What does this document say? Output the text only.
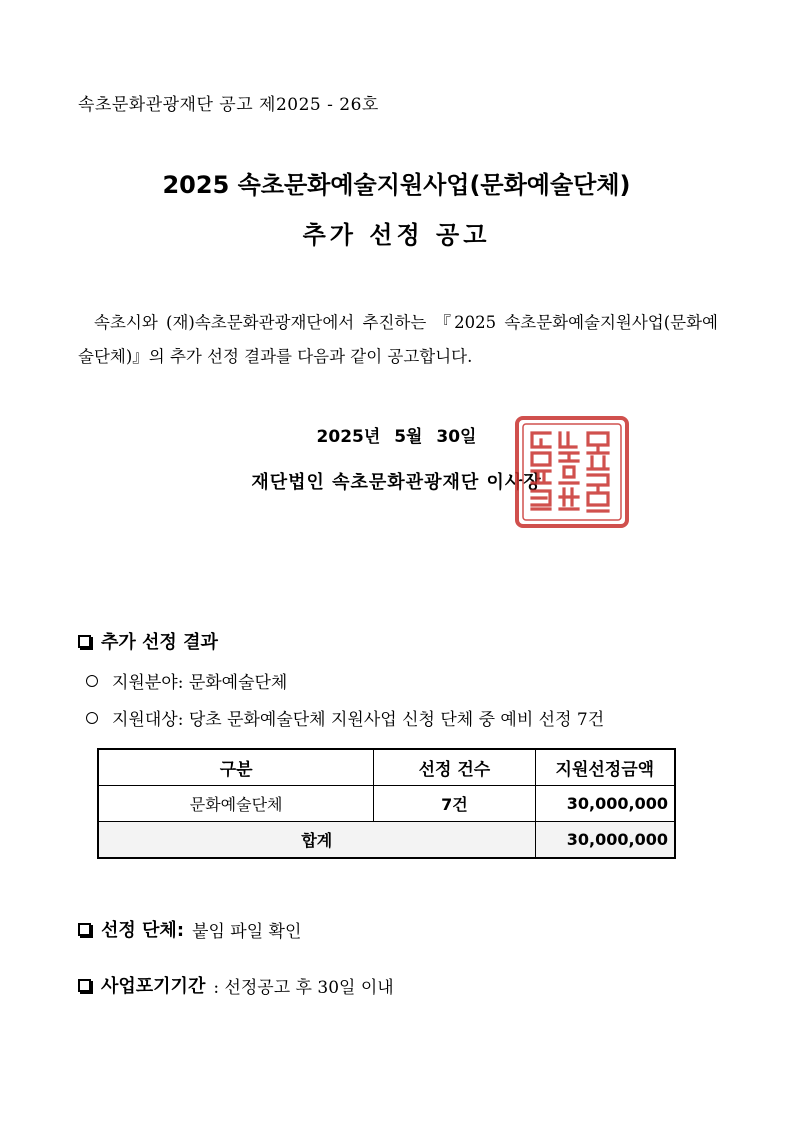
속초문화관광재단 공고 제2025 - 26호
2025 속초문화예술지원사업(문화예술단체)
추가 선정 공고
속초시와 (재)속초문화관광재단에서 추진하는 『2025 속초문화예술지원사업(문화예술단체)』의 추가 선정 결과를 다음과 같이 공고합니다.
2025년 5월 30일
재단법인 속초문화관광재단 이사장
추가 선정 결과
지원분야: 문화예술단체
지원대상: 당초 문화예술단체 지원사업 신청 단체 중 예비 선정 7건
구분	선정 건수	지원선정금액
문화예술단체	7건	30,000,000
합계		30,000,000
선정 단체: 붙임 파일 확인
사업포기기간 : 선정공고 후 30일 이내
